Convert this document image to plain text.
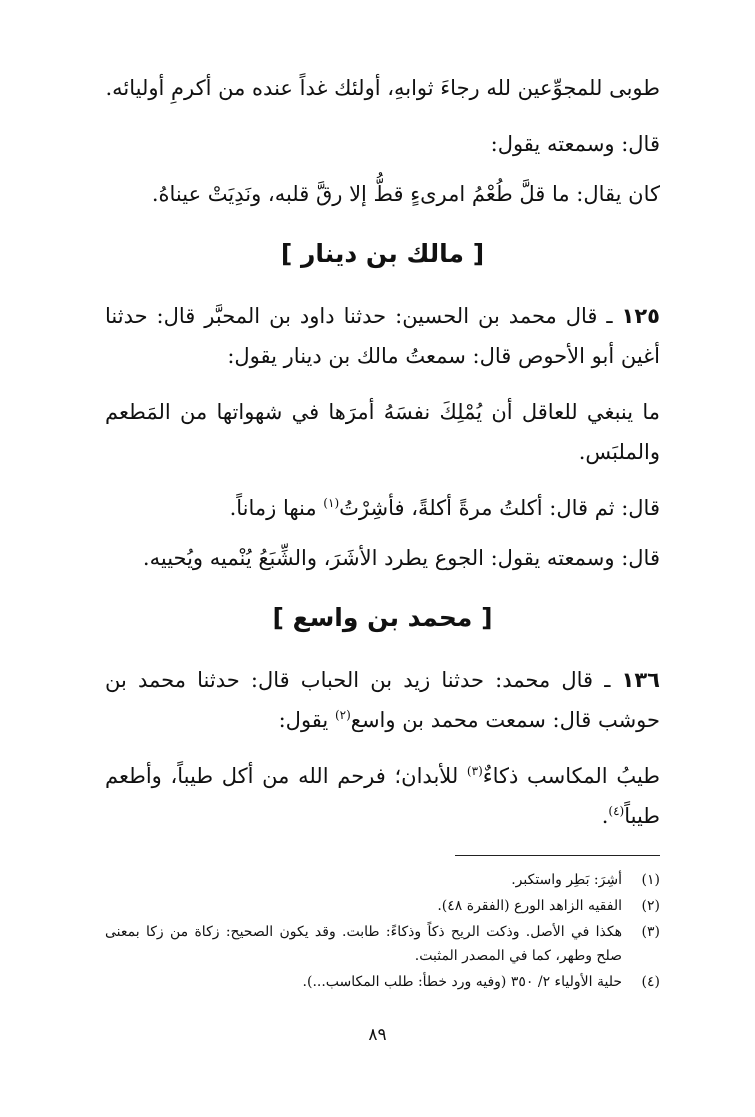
طوبى للمجوِّعين لله رجاءَ ثوابهِ، أولئك غداً عنده من أكرمِ أوليائه.

قال: وسمعته يقول:

كان يقال: ما قلَّ طُعْمُ امرىءٍ قطُّ إلا رقَّ قلبه، ونَدِيَتْ عيناهُ.

[ مالك بن دينار ]

١٢٥ ـ قال محمد بن الحسين: حدثنا داود بن المحبَّر قال: حدثنا أغين أبو الأحوص قال: سمعتُ مالك بن دينار يقول:

ما ينبغي للعاقل أن يُمْلِكَ نفسَهُ أمرَها في شهواتها من المَطعم والملبَس.

قال: ثم قال: أكلتُ مرةً أكلةً، فأشِرْتُ$^{(١)}$ منها زماناً.

قال: وسمعته يقول: الجوع يطرد الأشَرَ، والشِّبَعُ يُنْميه ويُحييه.

[ محمد بن واسع ]

١٣٦ ـ قال محمد: حدثنا زيد بن الحباب قال: حدثنا محمد بن حوشب قال: سمعت محمد بن واسع$^{(٢)}$ يقول:

طيبُ المكاسب ذكاءٌ$^{(٣)}$ للأبدان؛ فرحم الله من أكل طيباً، وأطعم طيباً$^{(٤)}$.

(١)
أشِرَ: بَطِر واستكبر.
(٢)
الفقيه الزاهد الورع (الفقرة ٤٨).
(٣)
هكذا في الأصل. وذكت الريح ذكاً وذكاءً: طابت. وقد يكون الصحيح: زكاة من زكا بمعنى صلح وطهر، كما في المصدر المثبت.
(٤)
حلية الأولياء ٢/ ٣٥٠ (وفيه ورد خطأ: طلب المكاسب...).
٨٩
